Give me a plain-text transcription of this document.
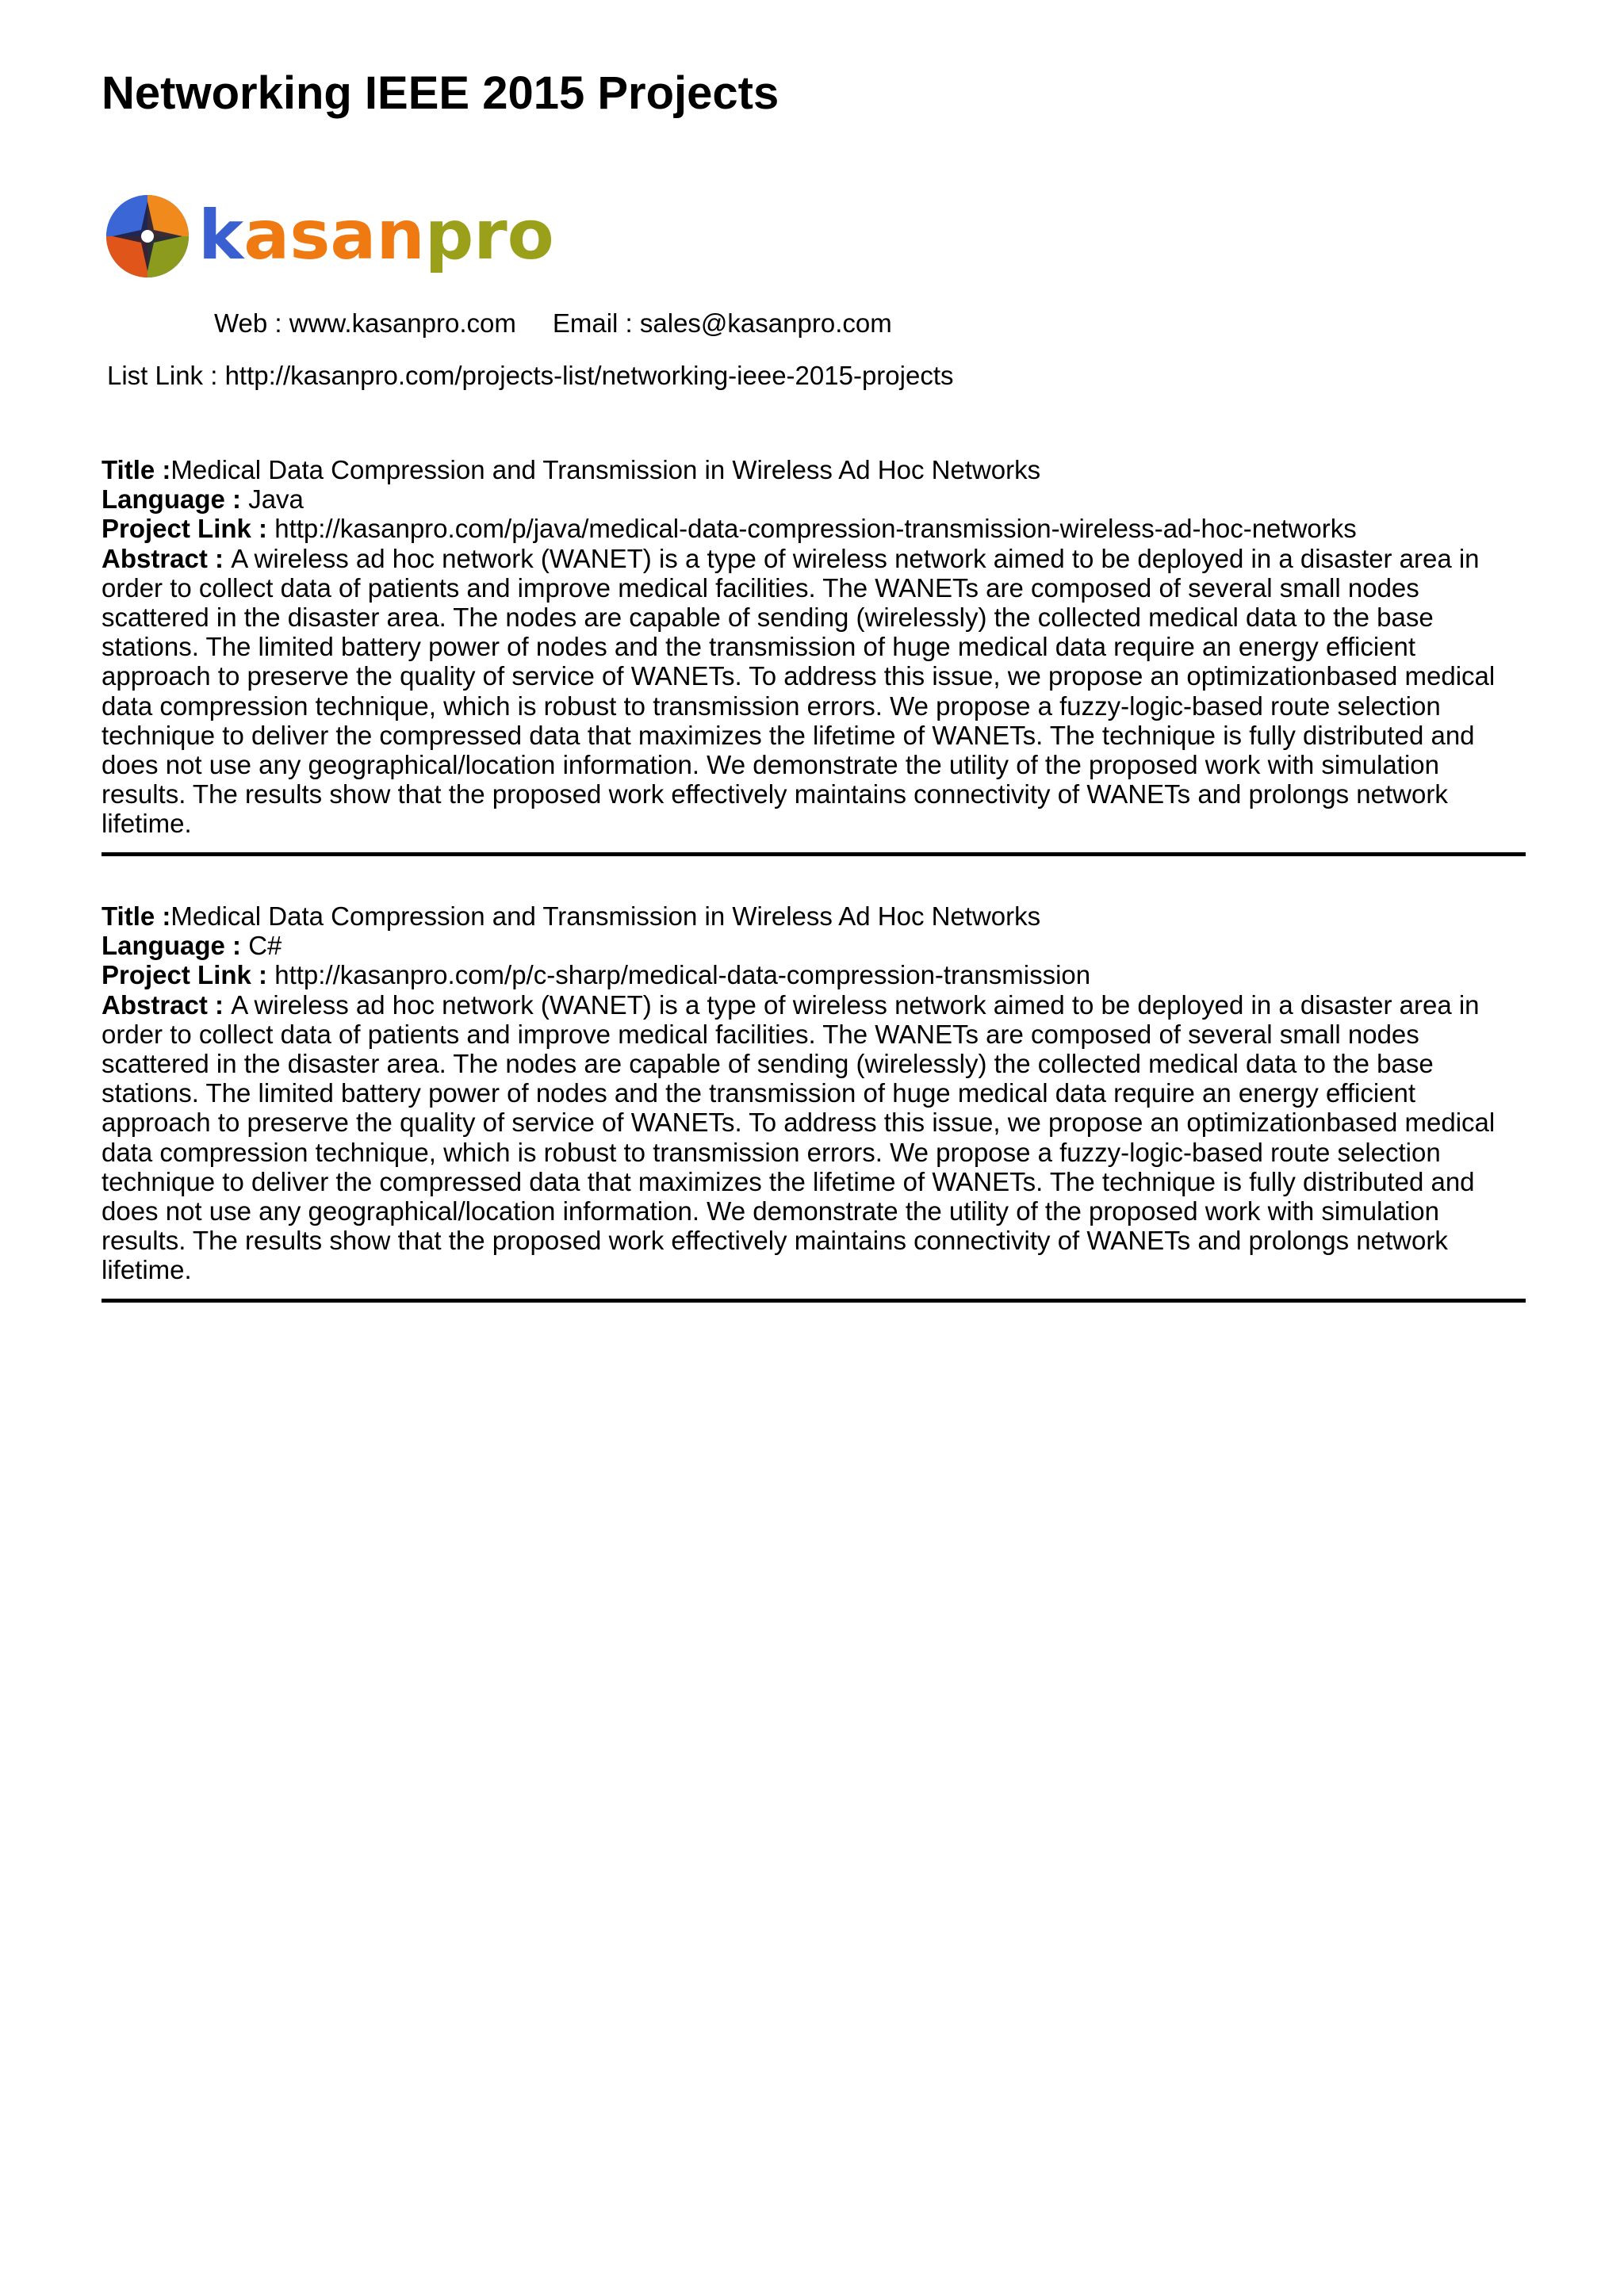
Networking IEEE 2015 Projects
kasanpro
Web : www.kasanpro.com Email : sales@kasanpro.com
List Link : http://kasanpro.com/projects-list/networking-ieee-2015-projects

Title :Medical Data Compression and Transmission in Wireless Ad Hoc Networks

Language : Java

Project Link : http://kasanpro.com/p/java/medical-data-compression-transmission-wireless-ad-hoc-networks

Abstract : A wireless ad hoc network (WANET) is a type of wireless network aimed to be deployed in a disaster area in order to collect data of patients and improve medical facilities. The WANETs are composed of several small nodes scattered in the disaster area. The nodes are capable of sending (wirelessly) the collected medical data to the base stations. The limited battery power of nodes and the transmission of huge medical data require an energy efficient approach to preserve the quality of service of WANETs. To address this issue, we propose an optimizationbased medical data compression technique, which is robust to transmission errors. We propose a fuzzy-logic-based route selection technique to deliver the compressed data that maximizes the lifetime of WANETs. The technique is fully distributed and does not use any geographical/location information. We demonstrate the utility of the proposed work with simulation results. The results show that the proposed work effectively maintains connectivity of WANETs and prolongs network lifetime.

Title :Medical Data Compression and Transmission in Wireless Ad Hoc Networks

Language : C#

Project Link : http://kasanpro.com/p/c-sharp/medical-data-compression-transmission

Abstract : A wireless ad hoc network (WANET) is a type of wireless network aimed to be deployed in a disaster area in order to collect data of patients and improve medical facilities. The WANETs are composed of several small nodes scattered in the disaster area. The nodes are capable of sending (wirelessly) the collected medical data to the base stations. The limited battery power of nodes and the transmission of huge medical data require an energy efficient approach to preserve the quality of service of WANETs. To address this issue, we propose an optimizationbased medical data compression technique, which is robust to transmission errors. We propose a fuzzy-logic-based route selection technique to deliver the compressed data that maximizes the lifetime of WANETs. The technique is fully distributed and does not use any geographical/location information. We demonstrate the utility of the proposed work with simulation results. The results show that the proposed work effectively maintains connectivity of WANETs and prolongs network lifetime.
